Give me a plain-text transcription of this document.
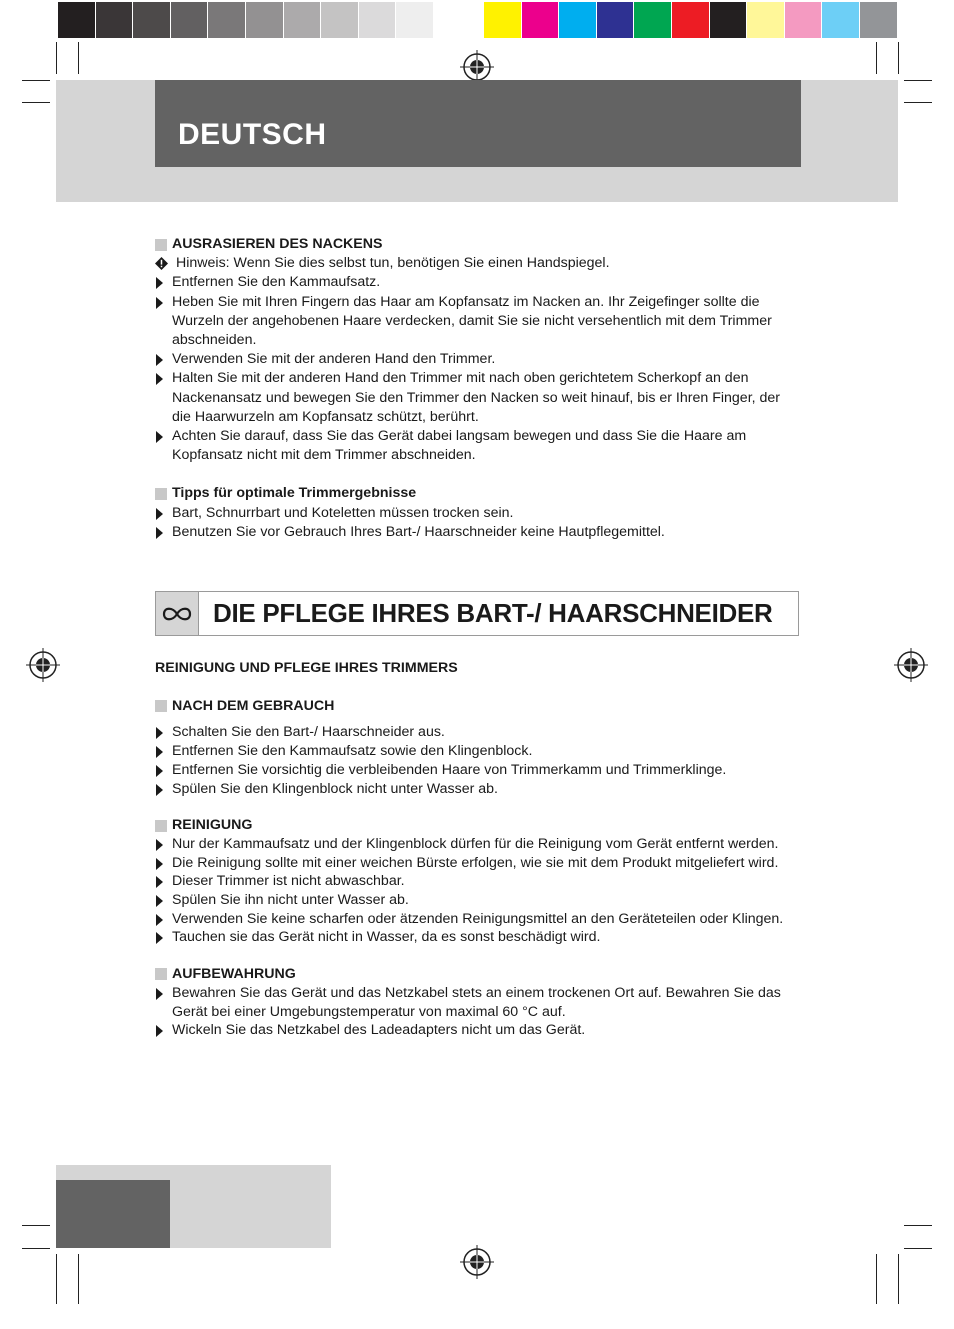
DEUTSCH
AUSRASIEREN DES NACKENS
Hinweis: Wenn Sie dies selbst tun, benötigen Sie einen Handspiegel.
Entfernen Sie den Kammaufsatz.
Heben Sie mit Ihren Fingern das Haar am Kopfansatz im Nacken an. Ihr Zeigefinger sollte die Wurzeln der angehobenen Haare verdecken, damit Sie sie nicht versehentlich mit dem Trimmer abschneiden.
Verwenden Sie mit der anderen Hand den Trimmer.
Halten Sie mit der anderen Hand den Trimmer mit nach oben gerichtetem Scherkopf an den Nackenansatz und bewegen Sie den Trimmer den Nacken so weit hinauf, bis er Ihren Finger, der die Haarwurzeln am Kopfansatz schützt, berührt.
Achten Sie darauf, dass Sie das Gerät dabei langsam bewegen und dass Sie die Haare am Kopfansatz nicht mit dem Trimmer abschneiden.
Tipps für optimale Trimmergebnisse
Bart, Schnurrbart und Koteletten müssen trocken sein.
Benutzen Sie vor Gebrauch Ihres Bart-/ Haarschneider keine Hautpflegemittel.
DIE PFLEGE IHRES BART-/ HAARSCHNEIDER
REINIGUNG UND PFLEGE IHRES TRIMMERS
NACH DEM GEBRAUCH
Schalten Sie den Bart-/ Haarschneider aus.
Entfernen Sie den Kammaufsatz sowie den Klingenblock.
Entfernen Sie vorsichtig die verbleibenden Haare von Trimmerkamm und Trimmerklinge.
Spülen Sie den Klingenblock nicht unter Wasser ab.
REINIGUNG
Nur der Kammaufsatz und der Klingenblock dürfen für die Reinigung vom Gerät entfernt werden.
Die Reinigung sollte mit einer weichen Bürste erfolgen, wie sie mit dem Produkt mitgeliefert wird.
Dieser Trimmer ist nicht abwaschbar.
Spülen Sie ihn nicht unter Wasser ab.
Verwenden Sie keine scharfen oder ätzenden Reinigungsmittel an den Geräteteilen oder Klingen.
Tauchen sie das Gerät nicht in Wasser, da es sonst beschädigt wird.
AUFBEWAHRUNG
Bewahren Sie das Gerät und das Netzkabel stets an einem trockenen Ort auf. Bewahren Sie das Gerät bei einer Umgebungstemperatur von maximal 60 °C auf.
Wickeln Sie das Netzkabel des Ladeadapters nicht um das Gerät.
